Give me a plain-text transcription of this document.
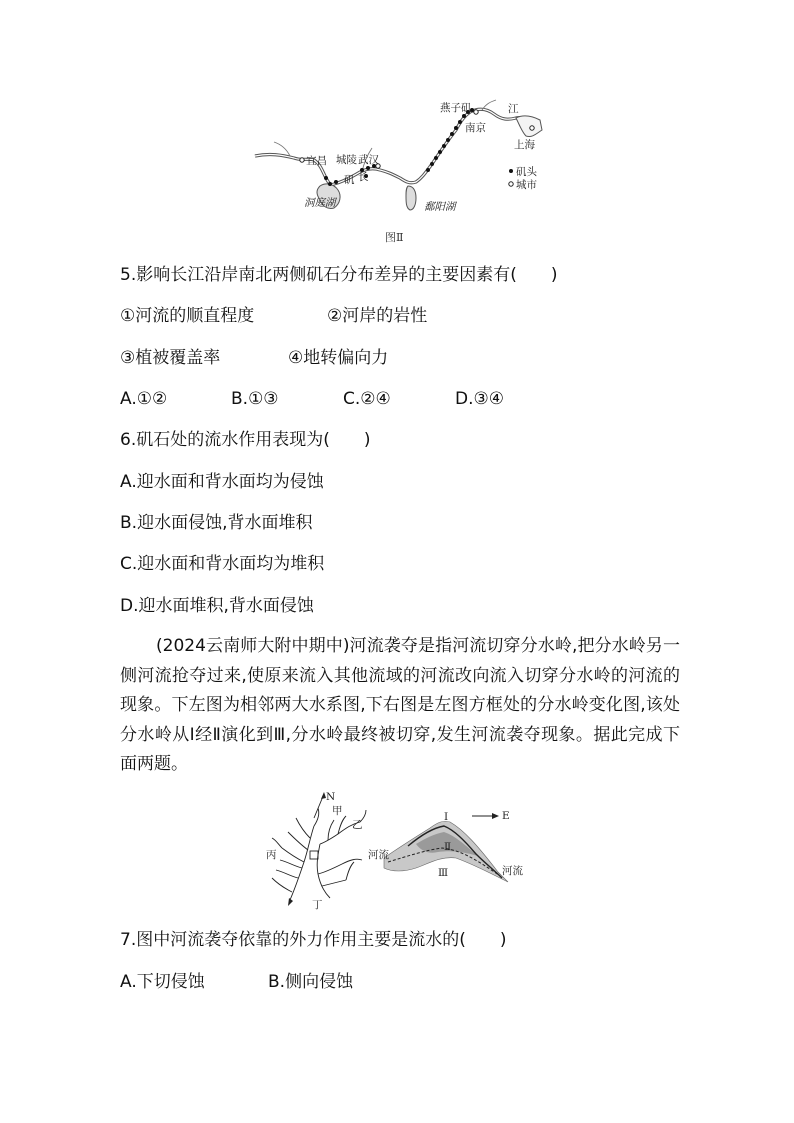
燕子矶	江
南京
上海
宜昌 城陵 武汉
矶 长
洞庭湖	鄱阳湖
矶头
城市
图Ⅱ
5.影响长江沿岸南北两侧矶石分布差异的主要因素有(　　)
①河流的顺直程度	②河岸的岩性
③植被覆盖率	④地转偏向力
A.①②	B.①③	C.②④	D.③④
6.矶石处的流水作用表现为(　　)
A.迎水面和背水面均为侵蚀
B.迎水面侵蚀,背水面堆积
C.迎水面和背水面均为堆积
D.迎水面堆积,背水面侵蚀
(2024云南师大附中期中)河流袭夺是指河流切穿分水岭,把分水岭另一侧河流抢夺过来,使原来流入其他流域的河流改向流入切穿分水岭的河流的现象。下左图为相邻两大水系图,下右图是左图方框处的分水岭变化图,该处分水岭从Ⅰ经Ⅱ演化到Ⅲ,分水岭最终被切穿,发生河流袭夺现象。据此完成下面两题。
N
甲
乙
丙
丁
E
Ⅰ
Ⅱ
Ⅲ
河流
河流
7.图中河流袭夺依靠的外力作用主要是流水的(　　)
A.下切侵蚀	B.侧向侵蚀
